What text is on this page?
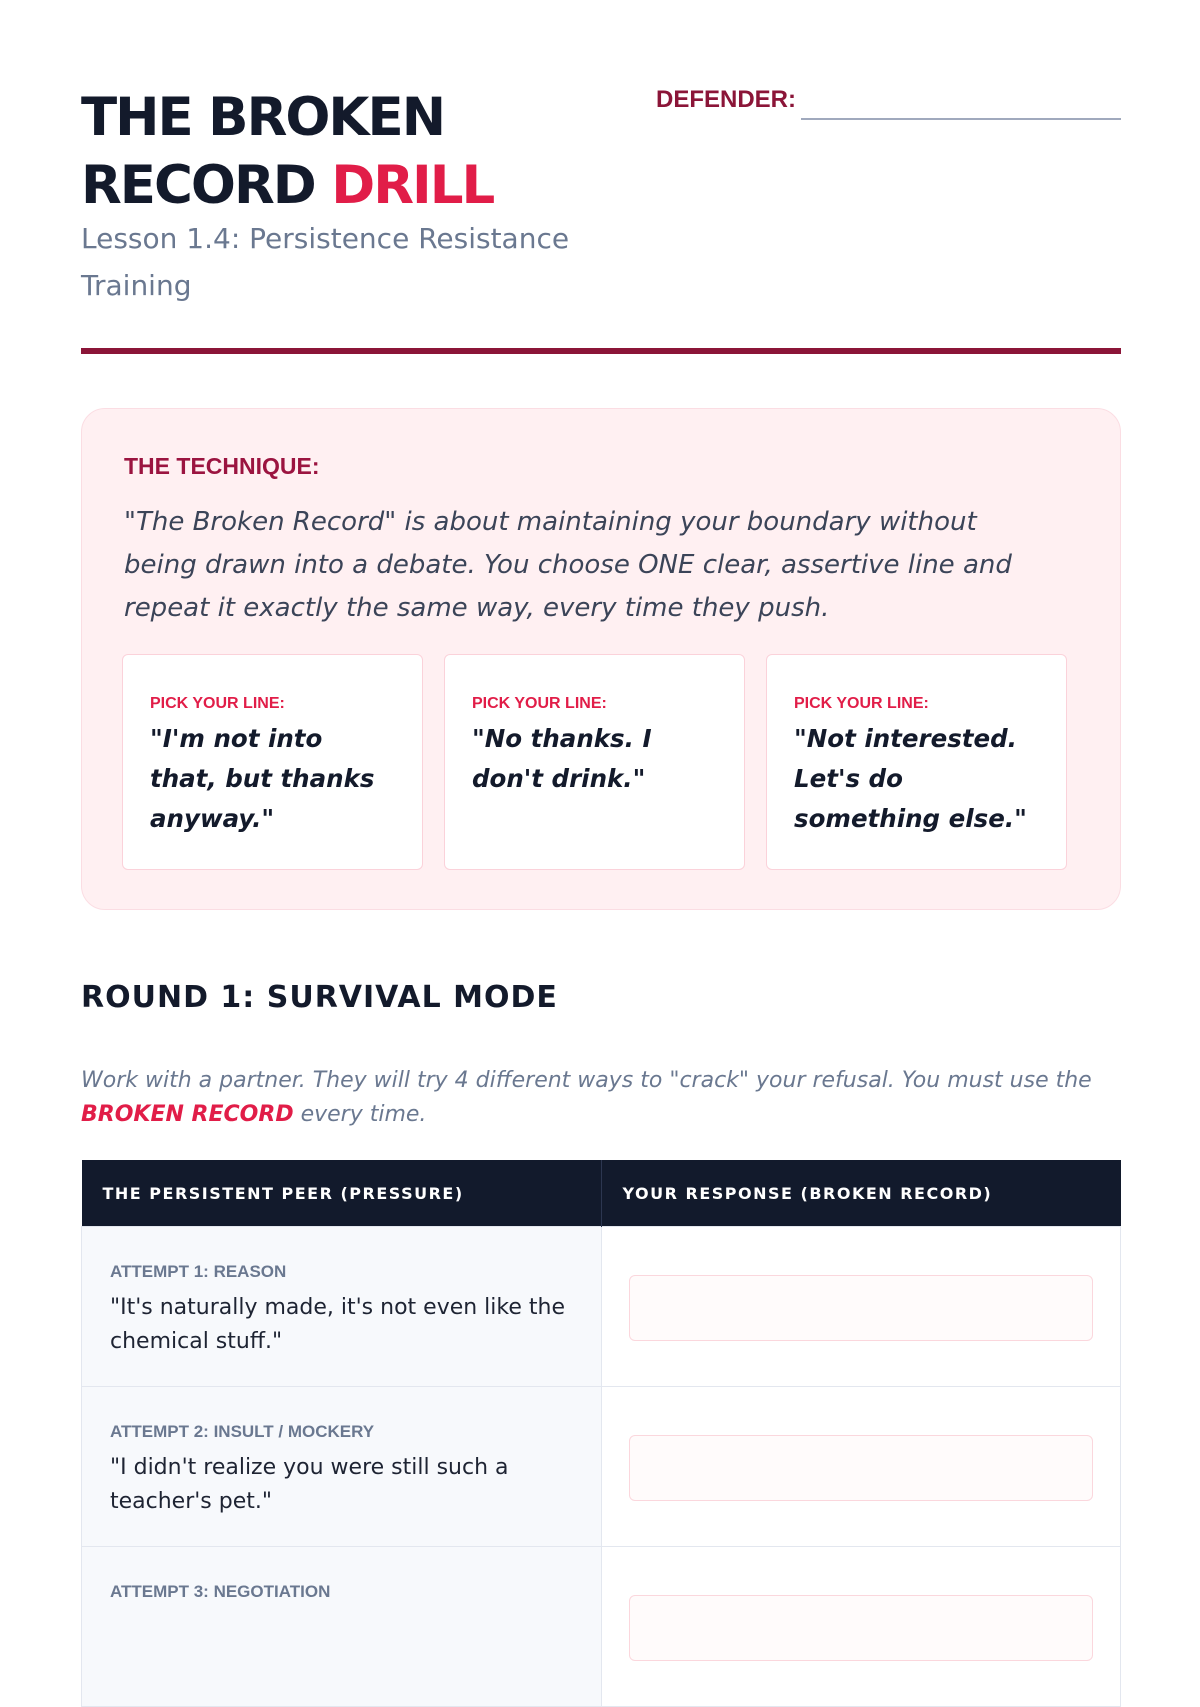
THE BROKEN
RECORD DRILL
Lesson 1.4: Persistence Resistance Training
DEFENDER:
THE TECHNIQUE:

"The Broken Record" is about maintaining your boundary without being drawn into a debate. You choose ONE clear, assertive line and repeat it exactly the same way, every time they push.

PICK YOUR LINE:
"I'm not into that, but thanks anyway."
PICK YOUR LINE:
"No thanks. I don't drink."
PICK YOUR LINE:
"Not interested. Let's do something else."
ROUND 1: SURVIVAL MODE

Work with a partner. They will try 4 different ways to "crack" your refusal. You must use the BROKEN RECORD every time.

THE PERSISTENT PEER (PRESSURE)	YOUR RESPONSE (BROKEN RECORD)

ATTEMPT 1: REASON
"It's naturally made, it's not even like the chemical stuff."

ATTEMPT 2: INSULT / MOCKERY
"I didn't realize you were still such a teacher's pet."

ATTEMPT 3: NEGOTIATION
